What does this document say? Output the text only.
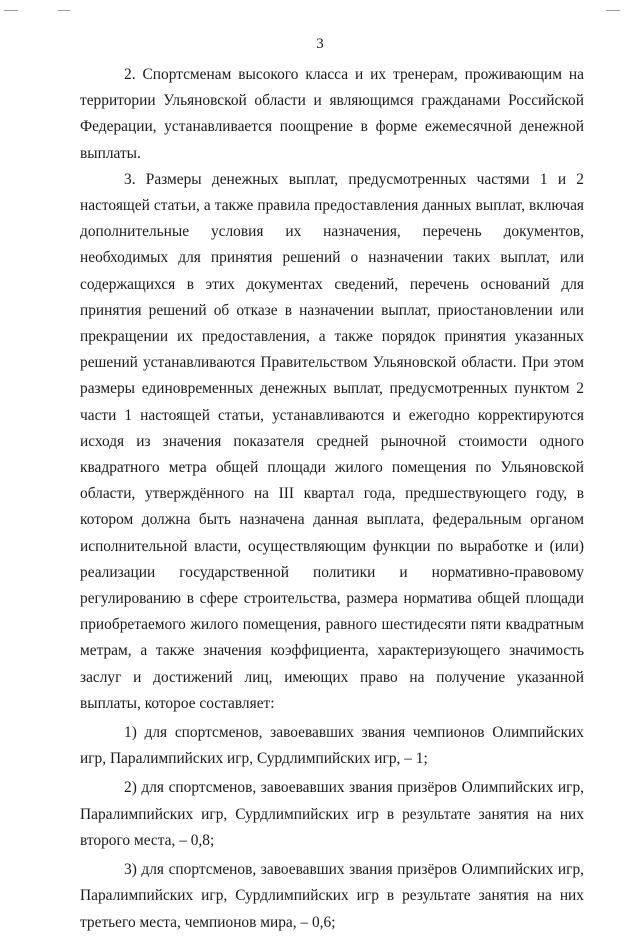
3

2. Спортсменам высокого класса и их тренерам, проживающим на территории Ульяновской области и являющимся гражданами Российской Федерации, устанавливается поощрение в форме ежемесячной денежной выплаты.

3. Размеры денежных выплат, предусмотренных частями 1 и 2 настоящей статьи, а также правила предоставления данных выплат, включая дополнительные условия их назначения, перечень документов, необходимых для принятия решений о назначении таких выплат, или содержащихся в этих документах сведений, перечень оснований для принятия решений об отказе в назначении выплат, приостановлении или прекращении их предоставления, а также порядок принятия указанных решений устанавливаются Правительством Ульяновской области. При этом размеры единовременных денежных выплат, предусмотренных пунктом 2 части 1 настоящей статьи, устанавливаются и ежегодно корректируются исходя из значения показателя средней рыночной стоимости одного квадратного метра общей площади жилого помещения по Ульяновской области, утверждённого на III квартал года, предшествующего году, в котором должна быть назначена данная выплата, федеральным органом исполнительной власти, осуществляющим функции по выработке и (или) реализации государственной политики и нормативно-правовому регулированию в сфере строительства, размера норматива общей площади приобретаемого жилого помещения, равного шестидесяти пяти квадратным метрам, а также значения коэффициента, характеризующего значимость заслуг и достижений лиц, имеющих право на получение указанной выплаты, которое составляет:

1) для спортсменов, завоевавших звания чемпионов Олимпийских игр, Паралимпийских игр, Сурдлимпийских игр, – 1;

2) для спортсменов, завоевавших звания призёров Олимпийских игр, Паралимпийских игр, Сурдлимпийских игр в результате занятия на них второго места, – 0,8;

3) для спортсменов, завоевавших звания призёров Олимпийских игр, Паралимпийских игр, Сурдлимпийских игр в результате занятия на них третьего места, чемпионов мира, – 0,6;
